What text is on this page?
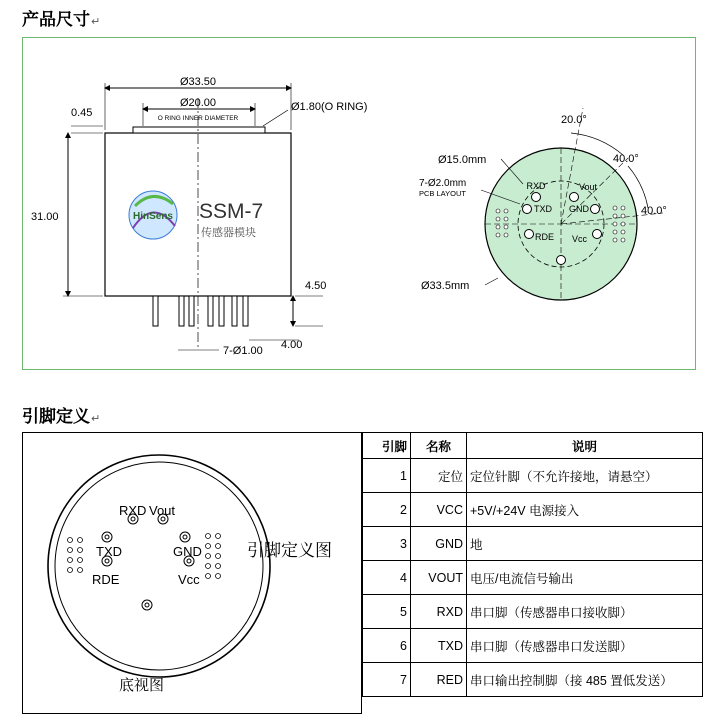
产品尺寸↵
HinSens SSM-7
传感器模块
Ø33.50
Ø20.00
O RING INNER DIAMETER
Ø1.80(O RING)
0.45
31.00
4.50
4.00
7-Ø1.00
RXD	Vout
TXD GND
RDE Vcc
20.0°
40.0°
40.0°
Ø15.0mm
7-Ø2.0mm
PCB LAYOUT
Ø33.5mm
引脚定义↵
RXD Vout
TXD	GND
RDE	Vcc
引脚定义图
底视图
引脚	名称	说明
1	定位	定位针脚（不允许接地，请悬空）
2	VCC	+5V/+24V 电源接入
3	GND	地
4	VOUT	电压/电流信号输出
5	RXD	串口脚（传感器串口接收脚）
6	TXD	串口脚（传感器串口发送脚）
7	RED	串口输出控制脚（接 485 置低发送）
